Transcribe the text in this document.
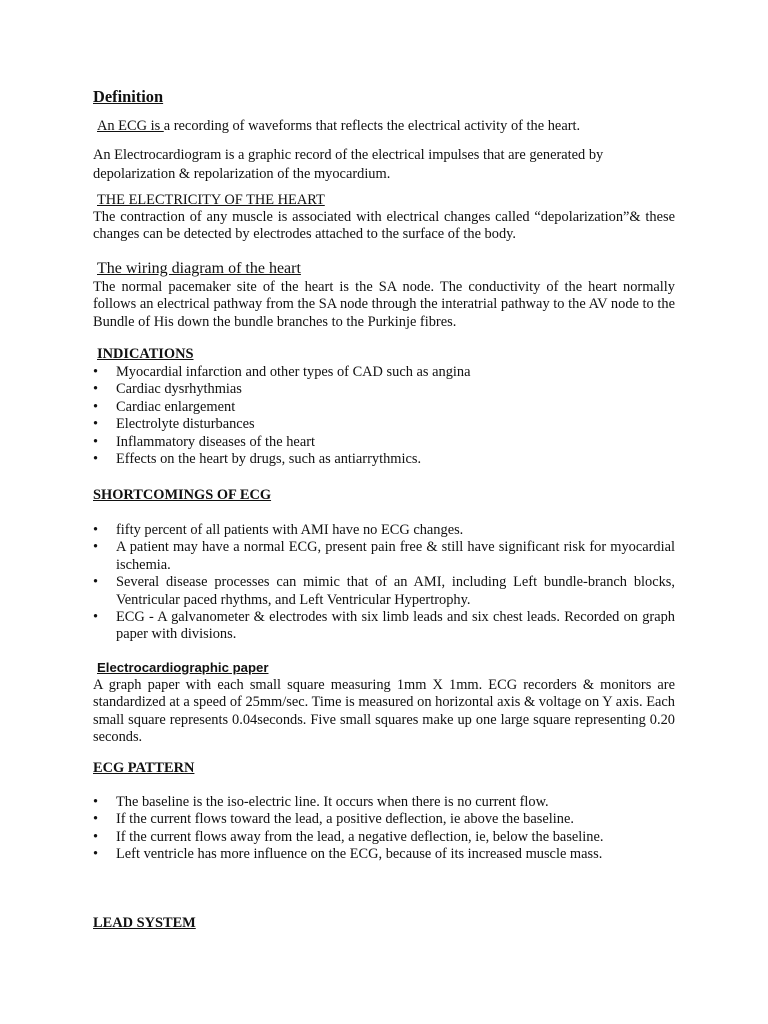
Definition
An ECG is a recording of waveforms that reflects the electrical activity of the heart.
An Electrocardiogram is a graphic record of the electrical impulses that are generated by depolarization & repolarization of the myocardium.
THE ELECTRICITY OF THE HEART
The contraction of any muscle is associated with electrical changes called “depolarization”& these changes can be detected by electrodes attached to the surface of the body.
The wiring diagram of the heart
The normal pacemaker site of the heart is the SA node. The conductivity of the heart normally follows an electrical pathway from the SA node through the interatrial pathway to the AV node to the Bundle of His down the bundle branches to the Purkinje fibres.
INDICATIONS
•
Myocardial infarction and other types of CAD such as angina
•
Cardiac dysrhythmias
•
Cardiac enlargement
•
Electrolyte disturbances
•
Inflammatory diseases of the heart
•
Effects on the heart by drugs, such as antiarrythmics.
SHORTCOMINGS OF ECG
•
fifty percent of all patients with AMI have no ECG changes.
•
A patient may have a normal ECG, present pain free & still have significant risk for myocardial ischemia.
•
Several disease processes can mimic that of an AMI, including Left bundle-branch blocks, Ventricular paced rhythms, and Left Ventricular Hypertrophy.
•
ECG - A galvanometer & electrodes with six limb leads and six chest leads. Recorded on graph paper with divisions.
Electrocardiographic paper
A graph paper with each small square measuring 1mm X 1mm. ECG recorders & monitors are standardized at a speed of 25mm/sec. Time is measured on horizontal axis & voltage on Y axis. Each small square represents 0.04seconds. Five small squares make up one large square representing 0.20 seconds.
ECG PATTERN
•
The baseline is the iso-electric line. It occurs when there is no current flow.
•
If the current flows toward the lead, a positive deflection, ie above the baseline.
•
If the current flows away from the lead, a negative deflection, ie, below the baseline.
•
Left ventricle has more influence on the ECG, because of its increased muscle mass.
LEAD SYSTEM
